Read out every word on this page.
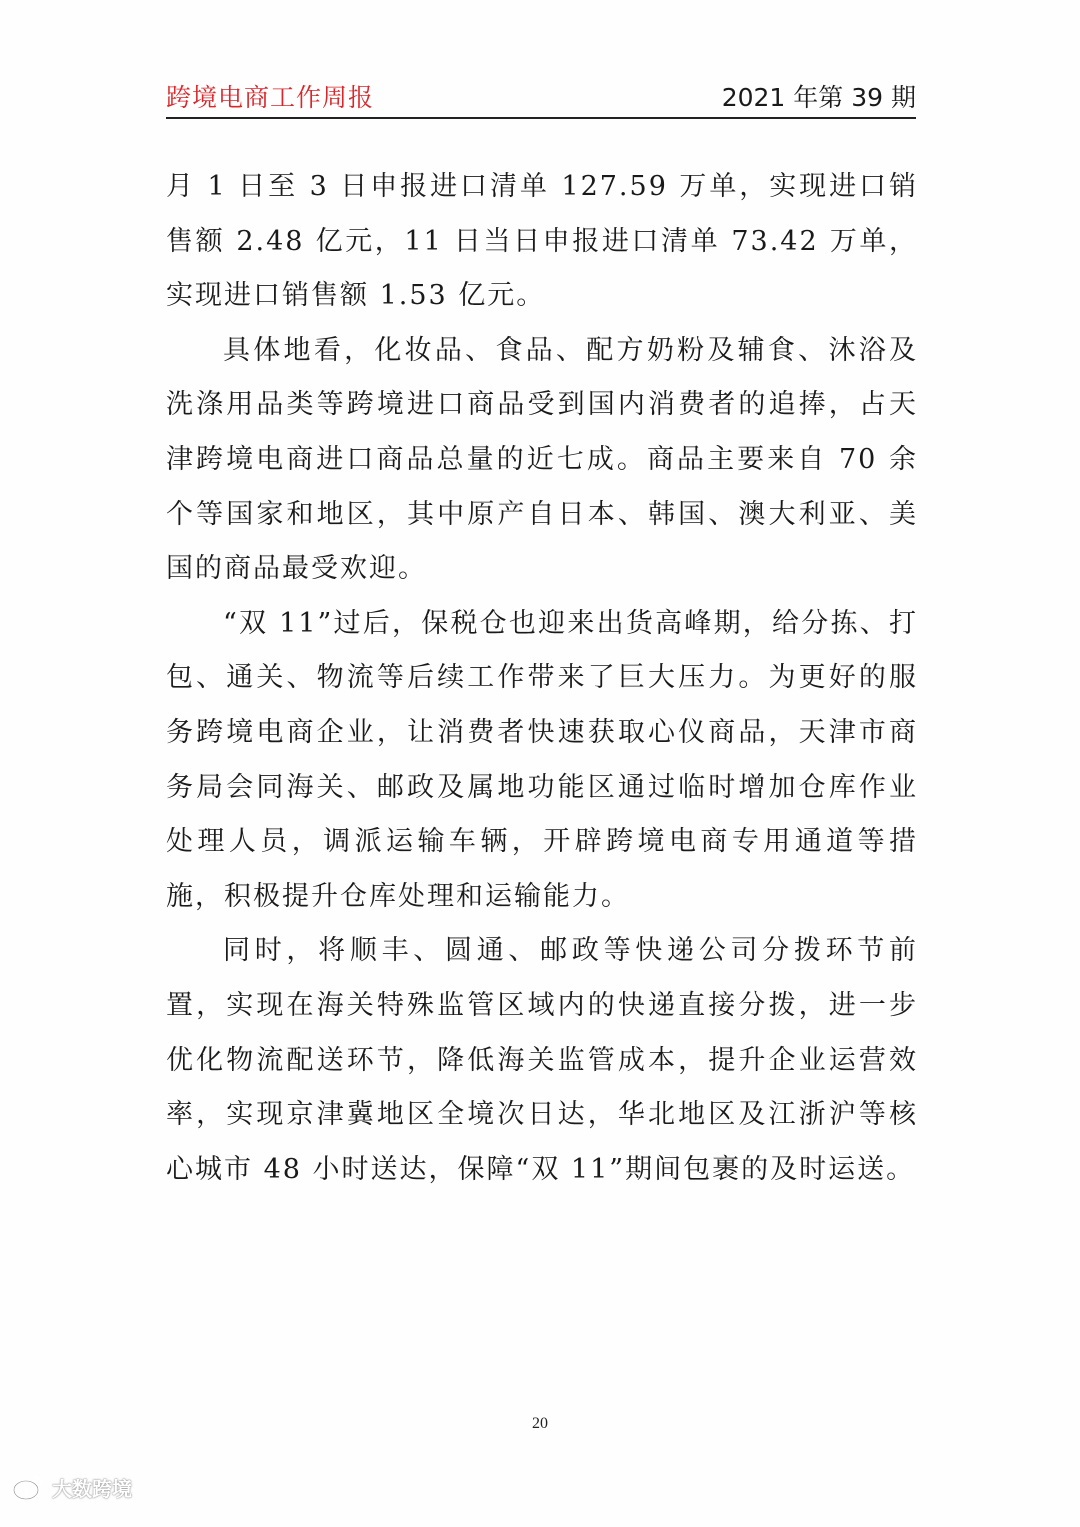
跨境电商工作周报	2021 年第 39 期

月 1 日至 3 日申报进口清单 127.59 万单，实现进口销售额 2.48 亿元，11 日当日申报进口清单 73.42 万单，实现进口销售额 1.53 亿元。

具体地看，化妆品、食品、配方奶粉及辅食、沐浴及洗涤用品类等跨境进口商品受到国内消费者的追捧，占天津跨境电商进口商品总量的近七成。商品主要来自 70 余个等国家和地区，其中原产自日本、韩国、澳大利亚、美国的商品最受欢迎。

“双 11”过后，保税仓也迎来出货高峰期，给分拣、打包、通关、物流等后续工作带来了巨大压力。为更好的服务跨境电商企业，让消费者快速获取心仪商品，天津市商务局会同海关、邮政及属地功能区通过临时增加仓库作业处理人员，调派运输车辆，开辟跨境电商专用通道等措施，积极提升仓库处理和运输能力。

同时，将顺丰、圆通、邮政等快递公司分拨环节前置，实现在海关特殊监管区域内的快递直接分拨，进一步优化物流配送环节，降低海关监管成本，提升企业运营效率，实现京津冀地区全境次日达，华北地区及江浙沪等核心城市 48 小时送达，保障“双 11”期间包裹的及时运送。

20
大数跨境
